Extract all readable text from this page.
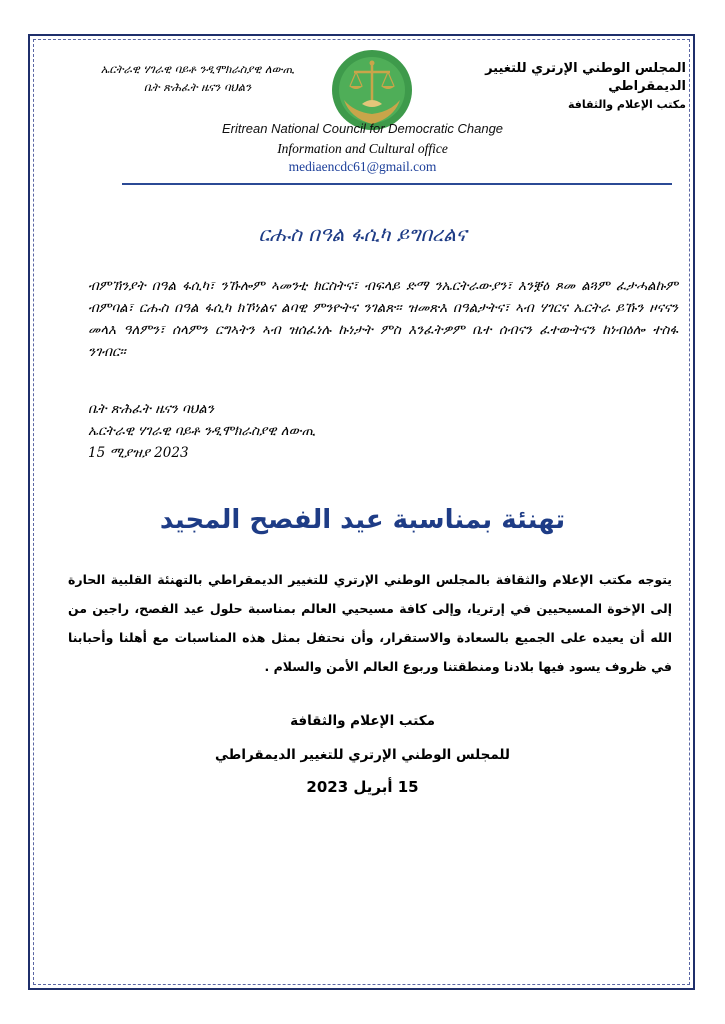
ኤርትራዊ ሃገራዊ ባይቶ ንዲሞክራስያዊ ለውጢ
ቤት ጽሕፈት ዜናን ባህልን
المجلس الوطني الإرتري للتغيير الديمقراطي
مكتب الإعلام والثقافة
Eritrean National Council for Democratic Change
Information and Cultural office
mediaencdc61@gmail.com
ርሑስ በዓል ፋሲካ ይግበረልና
ብምኽንያት በዓል ፋሲካ፣ ንኹሎም ኣመንቲ ክርስትና፣ ብፍላይ ድማ ንኤርትራውያን፣ እንቛዕ ጾመ ልጓም ፈታሓልኩም ብምባል፣ ርሑስ በዓል ፋሲካ ክኾነልና ልባዊ ምንዮትና ንገልጽ። ዝመጽእ በዓልታትና፣ ኣብ ሃገርና ኤርትራ ይኹን ዞናናን መላእ ዓለምን፣ ሰላምን ርግኣትን ኣብ ዝሰፈነሉ ኩነታት ምስ እንፈትዎም ቤተ ሰብናን ፈተውትናን ከነብዕሎ ተስፋ ንገብር።
ቤት ጽሕፈት ዜናን ባህልን
ኤርትራዊ ሃገራዊ ባይቶ ንዲሞክራስያዊ ለውጢ
15 ሚያዝያ 2023
تهنئة بمناسبة عيد الفصح المجيد
يتوجه مكتب الإعلام والثقافة بالمجلس الوطني الإرتري للتغيير الديمقراطي بالتهنئة القلبية الحارة إلى الإخوة المسيحيين في إرتريا، وإلى كافة مسيحيي العالم بمناسبة حلول عيد الفصح، راجين من الله أن يعيده على الجميع بالسعادة والاستقرار، وأن نحتفل بمثل هذه المناسبات مع أهلنا وأحبابنا في ظروف يسود فيها بلادنا ومنطقتنا وربوع العالم الأمن والسلام .
مكتب الإعلام والثقافة
للمجلس الوطني الإرتري للتغيير الديمقراطي
15 أبريل 2023
